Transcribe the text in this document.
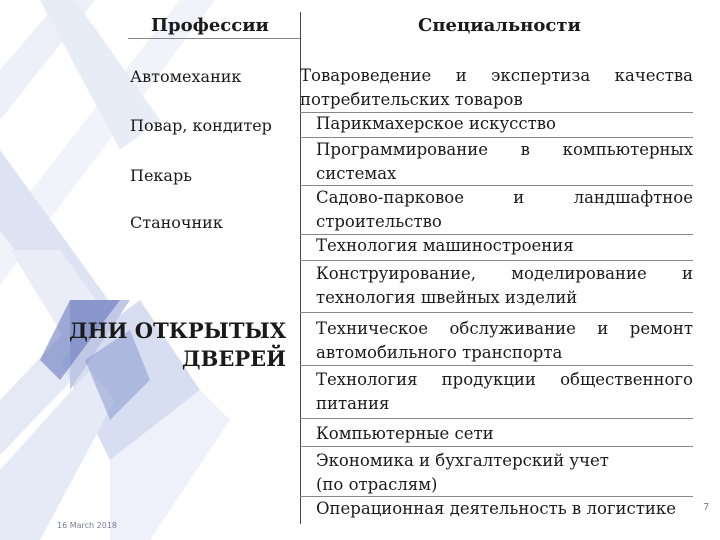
Профессии	Специальности
Автомеханик
Повар, кондитер
Пекарь
Станочник
ДНИ ОТКРЫТЫХ
ДВЕРЕЙ
Товароведение и экспертиза качества
потребительских товаров
Парикмахерское искусство
Программирование в компьютерных
системах
Садово-парковое и ландшафтное
строительство
Технология машиностроения
Конструирование, моделирование и
технология швейных изделий
Техническое обслуживание и ремонт
автомобильного транспорта
Технология продукции общественного
питания
Компьютерные сети
Экономика и бухгалтерский учет
(по отраслям)
Операционная деятельность в логистике
16 March 2018
7
